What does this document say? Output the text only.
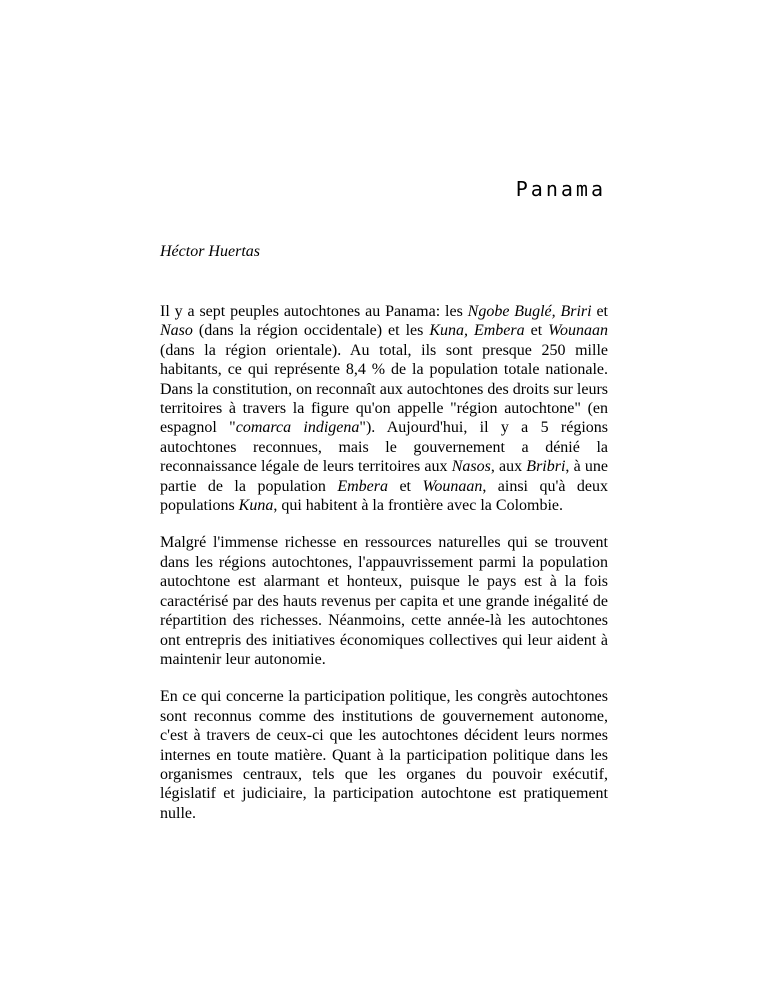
Panama

Héctor Huertas

Il y a sept peuples autochtones au Panama: les Ngobe Buglé, Briri et Naso (dans la région occidentale) et les Kuna, Embera et Wounaan (dans la région orientale). Au total, ils sont presque 250 mille habitants, ce qui représente 8,4 % de la population totale nationale. Dans la constitution, on reconnaît aux autochtones des droits sur leurs territoires à travers la figure qu'on appelle "région autochtone" (en espagnol "comarca indigena"). Aujourd'hui, il y a 5 régions autochtones reconnues, mais le gouvernement a dénié la reconnaissance légale de leurs territoires aux Nasos, aux Bribri, à une partie de la population Embera et Wounaan, ainsi qu'à deux populations Kuna, qui habitent à la frontière avec la Colombie.

Malgré l'immense richesse en ressources naturelles qui se trouvent dans les régions autochtones, l'appauvrissement parmi la population autochtone est alarmant et honteux, puisque le pays est à la fois caractérisé par des hauts revenus per capita et une grande inégalité de répartition des richesses. Néanmoins, cette année-là les autochtones ont entrepris des initiatives économiques collectives qui leur aident à maintenir leur autonomie.

En ce qui concerne la participation politique, les congrès autochtones sont reconnus comme des institutions de gouvernement autonome, c'est à travers de ceux-ci que les autochtones décident leurs normes internes en toute matière. Quant à la participation politique dans les organismes centraux, tels que les organes du pouvoir exécutif, législatif et judiciaire, la participation autochtone est pratiquement nulle.
